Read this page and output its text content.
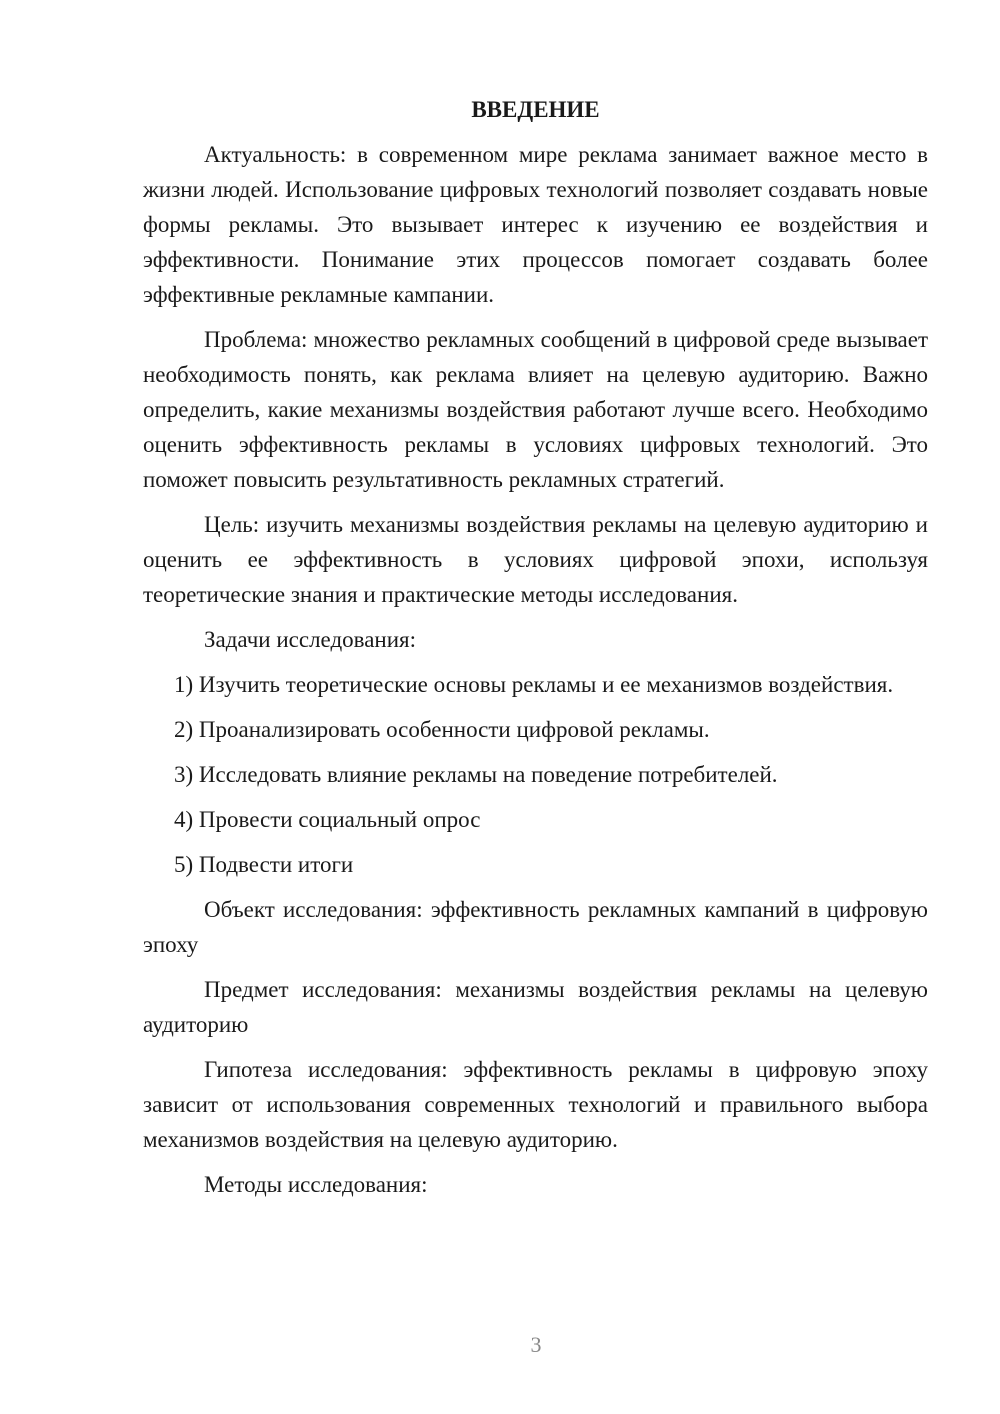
ВВЕДЕНИЕ

Актуальность: в современном мире реклама занимает важное место в жизни людей. Использование цифровых технологий позволяет создавать новые формы рекламы. Это вызывает интерес к изучению ее воздействия и эффективности. Понимание этих процессов помогает создавать более эффективные рекламные кампании.

Проблема: множество рекламных сообщений в цифровой среде вызывает необходимость понять, как реклама влияет на целевую аудиторию. Важно определить, какие механизмы воздействия работают лучше всего. Необходимо оценить эффективность рекламы в условиях цифровых технологий. Это поможет повысить результативность рекламных стратегий.

Цель: изучить механизмы воздействия рекламы на целевую аудиторию и оценить ее эффективность в условиях цифровой эпохи, используя теоретические знания и практические методы исследования.

Задачи исследования:

1) Изучить теоретические основы рекламы и ее механизмов воздействия.

2) Проанализировать особенности цифровой рекламы.

3) Исследовать влияние рекламы на поведение потребителей.

4) Провести социальный опрос

5) Подвести итоги

Объект исследования: эффективность рекламных кампаний в цифровую эпоху

Предмет исследования: механизмы воздействия рекламы на целевую аудиторию

Гипотеза исследования: эффективность рекламы в цифровую эпоху зависит от использования современных технологий и правильного выбора механизмов воздействия на целевую аудиторию.

Методы исследования:

3
